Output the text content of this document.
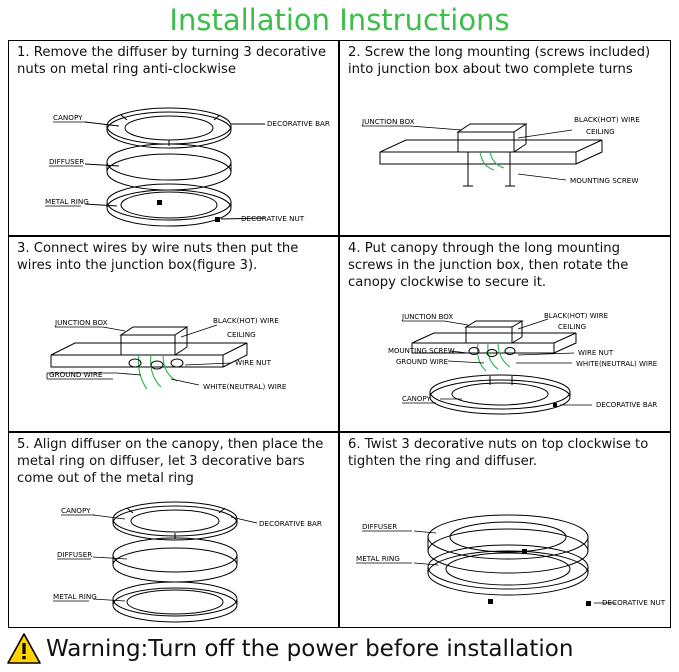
Installation Instructions
1. Remove the diffuser by turning 3 decorative nuts on metal ring anti-clockwise
CANOPY
DIFFUSER
METAL RING
DECORATIVE BAR
DECORATIVE NUT
2. Screw the long mounting (screws included) into junction box about two complete turns
JUNCTION BOX	BLACK(HOT) WIRE
CEILING
MOUNTING SCREW
3. Connect wires by wire nuts then put the wires into the junction box(figure 3).
JUNCTION BOX	BLACK(HOT) WIRE
CEILING
WIRE NUT
GROUND WIRE
WHITE(NEUTRAL) WIRE
4. Put canopy through the long mounting screws in the junction box, then rotate the canopy clockwise to secure it.
JUNCTION BOX	BLACK(HOT) WIRE
CEILING
MOUNTING SCREW
GROUND WIRE
WIRE NUT
WHITE(NEUTRAL) WIRE
CANOPY
DECORATIVE BAR
5. Align diffuser on the canopy, then place the metal ring on diffuser, let 3 decorative bars come out of the metal ring
CANOPY
DIFFUSER
METAL RING
DECORATIVE BAR
6. Twist 3 decorative nuts on top clockwise to tighten the ring and diffuser.
DIFFUSER
METAL RING
DECORATIVE NUT
Warning:Turn off the power before installation
